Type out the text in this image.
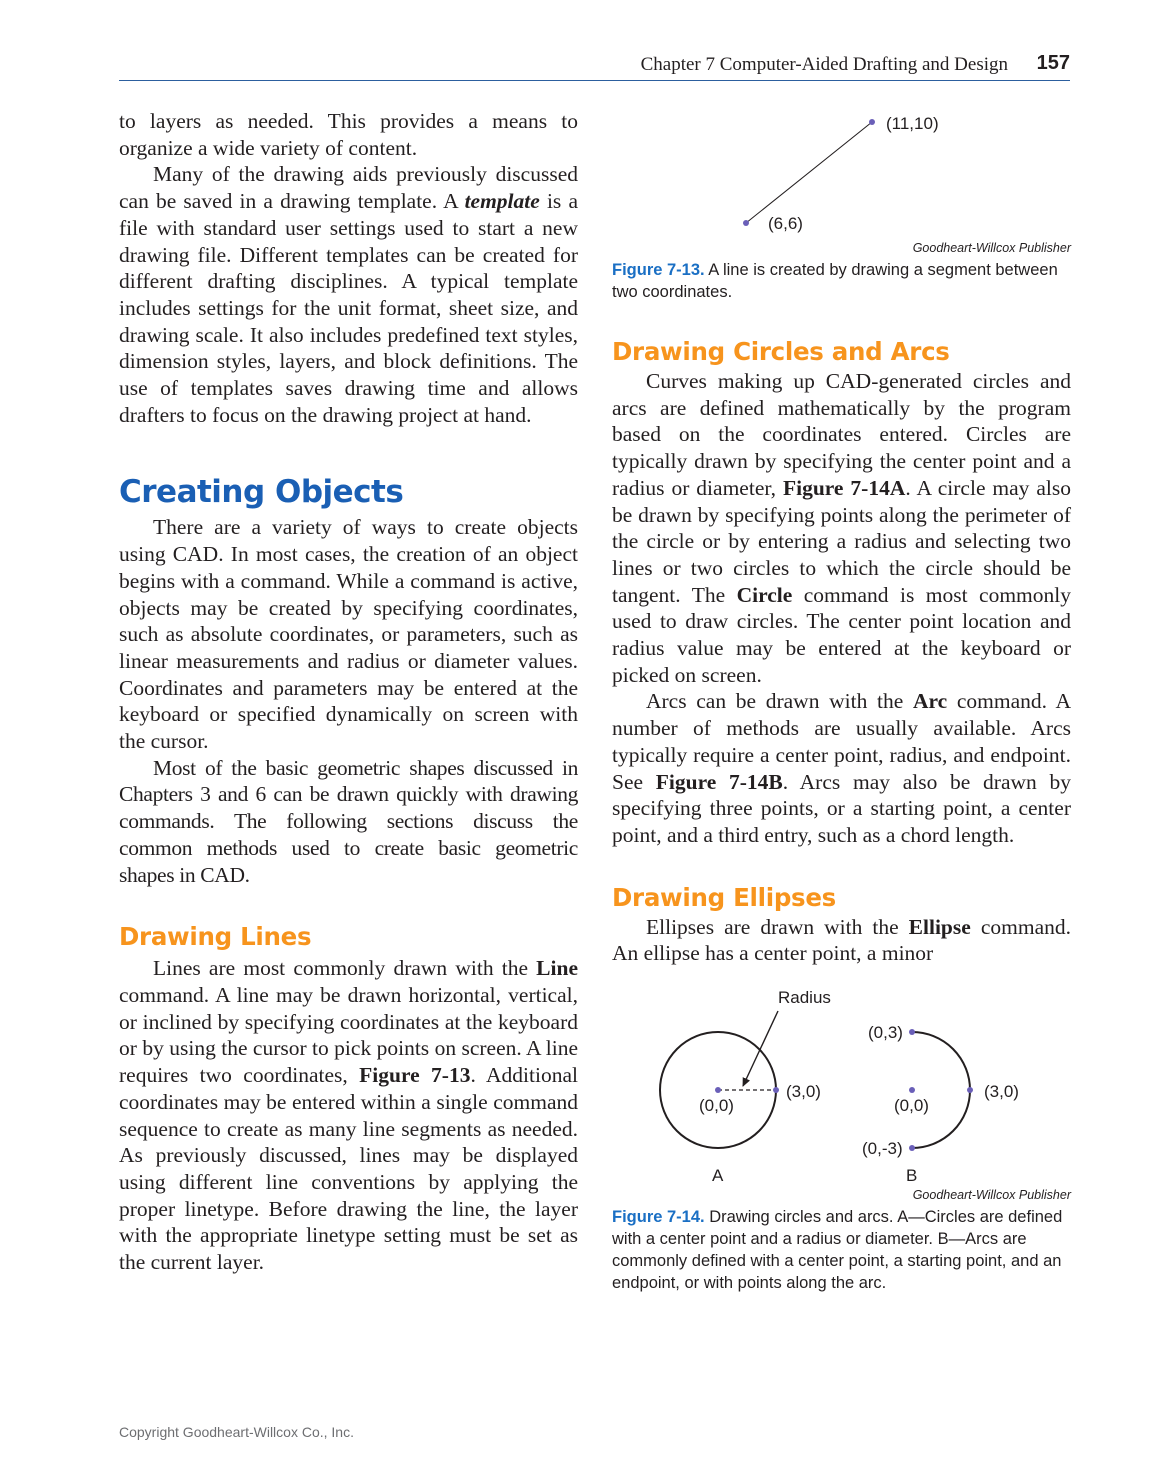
Chapter 7 Computer-Aided Drafting and Design 157

to layers as needed. This provides a means to organize a wide variety of content.

Many of the drawing aids previously discussed can be saved in a drawing template. A template is a file with standard user settings used to start a new drawing file. Different templates can be created for different drafting disciplines. A typical template includes settings for the unit format, sheet size, and drawing scale. It also includes predefined text styles, dimension styles, layers, and block definitions. The use of templates saves drawing time and allows drafters to focus on the drawing project at hand.

Creating Objects

There are a variety of ways to create objects using CAD. In most cases, the creation of an object begins with a command. While a command is active, objects may be created by specifying coordinates, such as absolute coordinates, or parameters, such as linear measurements and radius or diameter values. Coordinates and parameters may be entered at the keyboard or specified dynamically on screen with the cursor.

Most of the basic geometric shapes discussed in Chapters 3 and 6 can be drawn quickly with drawing commands. The following sections discuss the common methods used to create basic geometric shapes in CAD.

Drawing Lines

Lines are most commonly drawn with the Line command. A line may be drawn horizontal, vertical, or inclined by specifying coordinates at the keyboard or by using the cursor to pick points on screen. A line requires two coordinates, Figure 7-13. Additional coordinates may be entered within a single command sequence to create as many line segments as needed. As previously discussed, lines may be displayed using different line conventions by applying the proper linetype. Before drawing the line, the layer with the appropriate linetype setting must be set as the current layer.

(6,6)
(11,10)
Goodheart-Willcox Publisher

Figure 7-13. A line is created by drawing a segment between two coordinates.

Drawing Circles and Arcs

Curves making up CAD-generated circles and arcs are defined mathematically by the program based on the coordinates entered. Circles are typically drawn by specifying the center point and a radius or diameter, Figure 7-14A. A circle may also be drawn by specifying points along the perimeter of the circle or by entering a radius and selecting two lines or two circles to which the circle should be tangent. The Circle command is most commonly used to draw circles. The center point location and radius value may be entered at the keyboard or picked on screen.

Arcs can be drawn with the Arc command. A number of methods are usually available. Arcs typically require a center point, radius, and endpoint. See Figure 7-14B. Arcs may also be drawn by specifying three points, or a starting point, a center point, and a third entry, such as a chord length.

Drawing Ellipses

Ellipses are drawn with the Ellipse command. An ellipse has a center point, a minor

Radius
(0,0)
(3,0)
A
(0,3)
(0,0)
(3,0)
(0,-3)
B
Goodheart-Willcox Publisher

Figure 7-14. Drawing circles and arcs. A—Circles are defined with a center point and a radius or diameter. B—Arcs are commonly defined with a center point, a starting point, and an endpoint, or with points along the arc.

Copyright Goodheart-Willcox Co., Inc.
